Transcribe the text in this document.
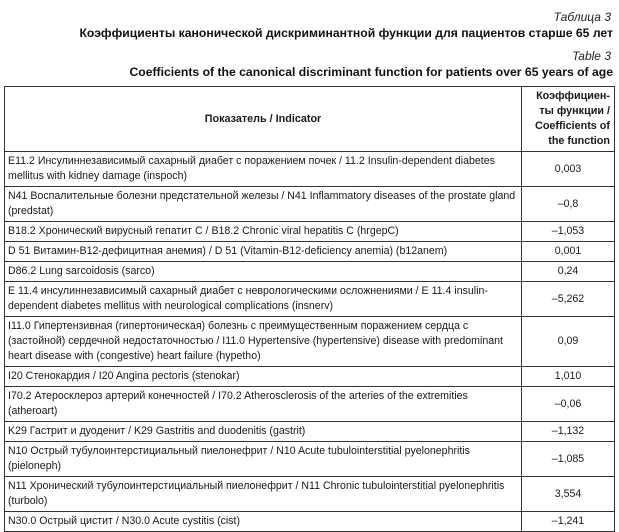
Таблица 3
Коэффициенты канонической дискриминантной функции для пациентов старше 65 лет
Table 3
Coefficients of the canonical discriminant function for patients over 65 years of age
Показатель / Indicator	Коэффициен-ты функции / Coefficients of the function
E11.2 Инсулиннезависимый сахарный диабет с поражением почек / 11.2 Insulin-dependent diabetes mellitus with kidney damage (inspoch)	0,003
N41 Воспалительные болезни предстательной железы / N41 Inflammatory diseases of the prostate gland (predstat)	–0,8
B18.2 Хронический вирусный гепатит С / B18.2 Chronic viral hepatitis C (hrgepC)	–1,053
D 51 Витамин-B12-дефицитная анемия) / D 51 (Vitamin-B12-deficiency anemia) (b12anem)	0,001
D86.2 Lung sarcoidosis (sarco)	0,24
E 11.4 инсулиннезависимый сахарный диабет с неврологическими осложнениями / E 11.4 insulin-dependent diabetes mellitus with neurological complications (insnerv)	–5,262
I11.0 Гипертензивная (гипертоническая) болезнь с преимущественным поражением сердца с (застойной) сердечной недостаточностью / I11.0 Hypertensive (hypertensive) disease with predominant heart disease with (congestive) heart failure (hypetho)	0,09
I20 Стенокардия / I20 Angina pectoris (stenokar)	1,010
I70.2 Атеросклероз артерий конечностей / I70.2 Atherosclerosis of the arteries of the extremities (atheroart)	–0,06
K29 Гастрит и дуоденит / K29 Gastritis and duodenitis (gastrit)	–1,132
N10 Острый тубулоинтерстициальный пиелонефрит / N10 Acute tubulointerstitial pyelonephritis (pieloneph)	–1,085
N11 Хронический тубулоинтерстициальный пиелонефрит / N11 Chronic tubulointerstitial pyelonephritis (turbolo)	3,554
N30.0 Острый цистит / N30.0 Acute cystitis (cist)	–1,241
